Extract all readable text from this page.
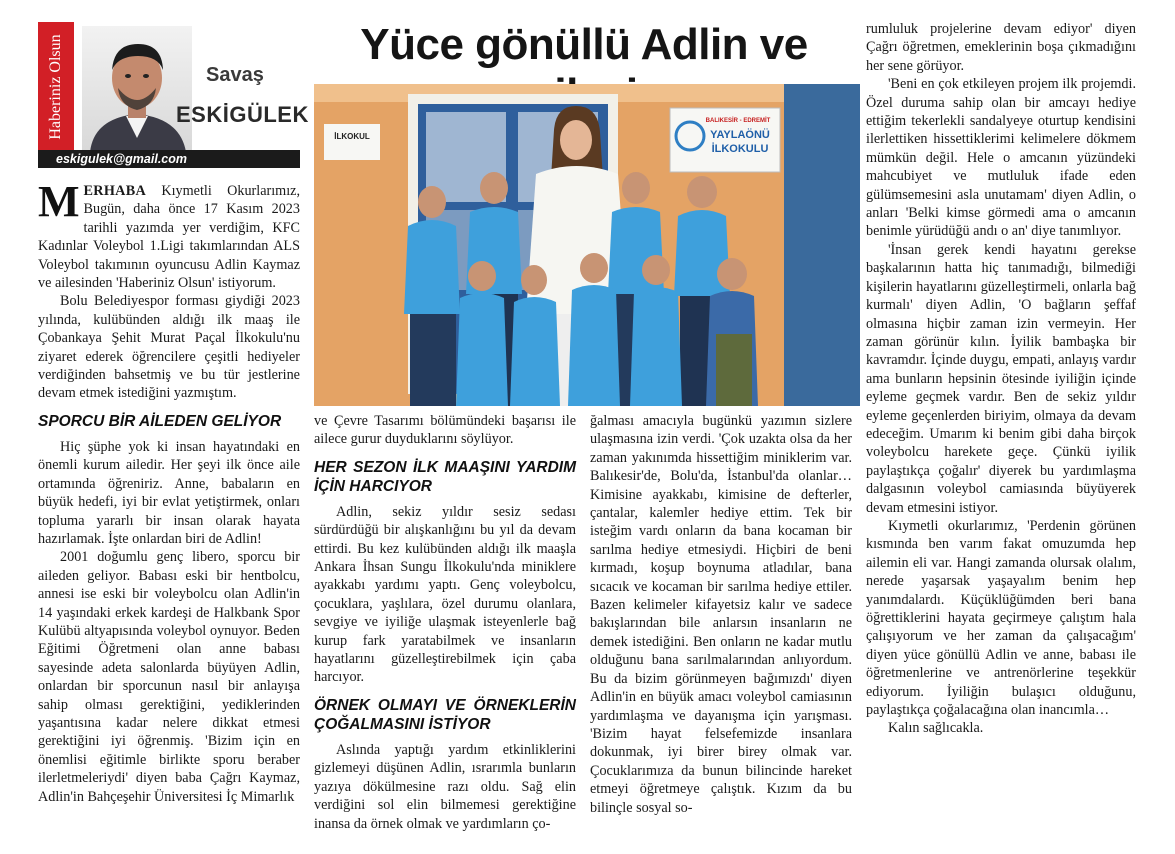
Haberiniz Olsun	Savaş
ESKİGÜLEK
eskigulek@gmail.com
Yüce gönüllü Adlin ve
İLKOKUL
BALIKESİR - EDREMİT
YAYLAÖNÜ
İLKOKULU

MERHABA Kıymetli Okurlarımız, Bugün, daha önce 17 Kasım 2023 tarihli yazımda yer verdiğim, KFC Kadınlar Voleybol 1.Ligi takımlarından ALS Voleybol takımının oyuncusu Adlin Kaymaz ve ailesinden 'Haberiniz Olsun' istiyorum.

Bolu Belediyespor forması giydiği 2023 yılında, kulübünden aldığı ilk maaş ile Çobankaya Şehit Murat Paçal İlkokulu'nu ziyaret ederek öğrencilere çeşitli hediyeler verdiğinden bahsetmiş ve bu tür jestlerine devam etmek istediğini yazmıştım.

SPORCU BİR AİLEDEN GELİYOR

Hiç şüphe yok ki insan hayatındaki en önemli kurum ailedir. Her şeyi ilk önce aile ortamında öğreniriz. Anne, babaların en büyük hedefi, iyi bir evlat yetiştirmek, onları topluma yararlı bir insan olarak hayata hazırlamak. İşte onlardan biri de Adlin!

2001 doğumlu genç libero, sporcu bir aileden geliyor. Babası eski bir hentbolcu, annesi ise eski bir voleybolcu olan Adlin'in 14 yaşındaki erkek kardeşi de Halkbank Spor Kulübü altyapısında voleybol oynuyor. Beden Eğitimi Öğretmeni olan anne babası sayesinde adeta salonlarda büyüyen Adlin, onlardan bir sporcunun nasıl bir anlayışa sahip olması gerektiğini, yediklerinden yaşantısına kadar nelere dikkat etmesi gerektiğini iyi öğrenmiş. 'Bizim için en önemlisi eğitimle birlikte sporu beraber ilerletmeleriydi' diyen baba Çağrı Kaymaz, Adlin'in Bahçeşehir Üniversitesi İç Mimarlık

ve Çevre Tasarımı bölümündeki başarısı ile ailece gurur duyduklarını söylüyor.

HER SEZON İLK MAAŞINI YARDIM İÇİN HARCIYOR

Adlin, sekiz yıldır sesiz sedası sürdürdüğü bir alışkanlığını bu yıl da devam ettirdi. Bu kez kulübünden aldığı ilk maaşla Ankara İhsan Sungu İlkokulu'nda miniklere ayakkabı yardımı yaptı. Genç voleybolcu, çocuklara, yaşlılara, özel durumu olanlara, sevgiye ve iyiliğe ulaşmak isteyenlerle bağ kurup fark yaratabilmek ve insanların hayatlarını güzelleştirebilmek için çaba harcıyor.

ÖRNEK OLMAYI VE ÖRNEKLERİN ÇOĞALMASINI İSTİYOR

Aslında yaptığı yardım etkinliklerini gizlemeyi düşünen Adlin, ısrarımla bunların yazıya dökülmesine razı oldu. Sağ elin verdiğini sol elin bilmemesi gerektiğine inansa da örnek olmak ve yardımların ço-

ğalması amacıyla bugünkü yazımın sizlere ulaşmasına izin verdi. 'Çok uzakta olsa da her zaman yakınımda hissettiğim miniklerim var. Balıkesir'de, Bolu'da, İstanbul'da olanlar… Kimisine ayakkabı, kimisine de defterler, çantalar, kalemler hediye ettim. Tek bir isteğim vardı onların da bana kocaman bir sarılma hediye etmesiydi. Hiçbiri de beni kırmadı, koşup boynuma atladılar, bana sıcacık ve kocaman bir sarılma hediye ettiler. Bazen kelimeler kifayetsiz kalır ve sadece bakışlarından bile anlarsın insanların ne demek istediğini. Ben onların ne kadar mutlu olduğunu bana sarılmalarından anlıyordum. Bu da bizim görünmeyen bağımızdı' diyen Adlin'in en büyük amacı voleybol camiasının yardımlaşma ve dayanışma için yarışması. 'Bizim hayat felsefemizde insanlara dokunmak, iyi birer birey olmak var. Çocuklarımıza da bunun bilincinde hareket etmeyi öğretmeye çalıştık. Kızım da bu bilinçle sosyal so-

rumluluk projelerine devam ediyor' diyen Çağrı öğretmen, emeklerinin boşa çıkmadığını her sene görüyor.

'Beni en çok etkileyen projem ilk projemdi. Özel duruma sahip olan bir amcayı hediye ettiğim tekerlekli sandalyeye oturtup kendisini ilerlettiken hissettiklerimi kelimelere dökmem mümkün değil. Hele o amcanın yüzündeki mahcubiyet ve mutluluk ifade eden gülümsemesini asla unutamam' diyen Adlin, o anları 'Belki kimse görmedi ama o amcanın benimle yürüdüğü andı o an' diye tanımlıyor.

'İnsan gerek kendi hayatını gerekse başkalarının hatta hiç tanımadığı, bilmediği kişilerin hayatlarını güzelleştirmeli, onlarla bağ kurmalı' diyen Adlin, 'O bağların şeffaf olmasına hiçbir zaman izin vermeyin. Her zaman görünür kılın. İyilik bambaşka bir kavramdır. İçinde duygu, empati, anlayış vardır ama bunların hepsinin ötesinde iyiliğin içinde eyleme geçmek vardır. Ben de sekiz yıldır eyleme geçenlerden biriyim, olmaya da devam edeceğim. Umarım ki benim gibi daha birçok voleybolcu harekete geçe. Çünkü iyilik paylaştıkça çoğalır' diyerek bu yardımlaşma dalgasının voleybol camiasında büyüyerek devam etmesini istiyor.

Kıymetli okurlarımız, 'Perdenin görünen kısmında ben varım fakat omuzumda hep ailemin eli var. Hangi zamanda olursak olalım, nerede yaşarsak yaşayalım benim hep yanımdalardı. Küçüklüğümden beri bana öğrettiklerini hayata geçirmeye çalıştım hala çalışıyorum ve her zaman da çalışacağım' diyen yüce gönüllü Adlin ve anne, babası ile öğretmenlerine ve antrenörlerine teşekkür ediyorum. İyiliğin bulaşıcı olduğunu, paylaştıkça çoğalacağına olan inancımla…

Kalın sağlıcakla.
